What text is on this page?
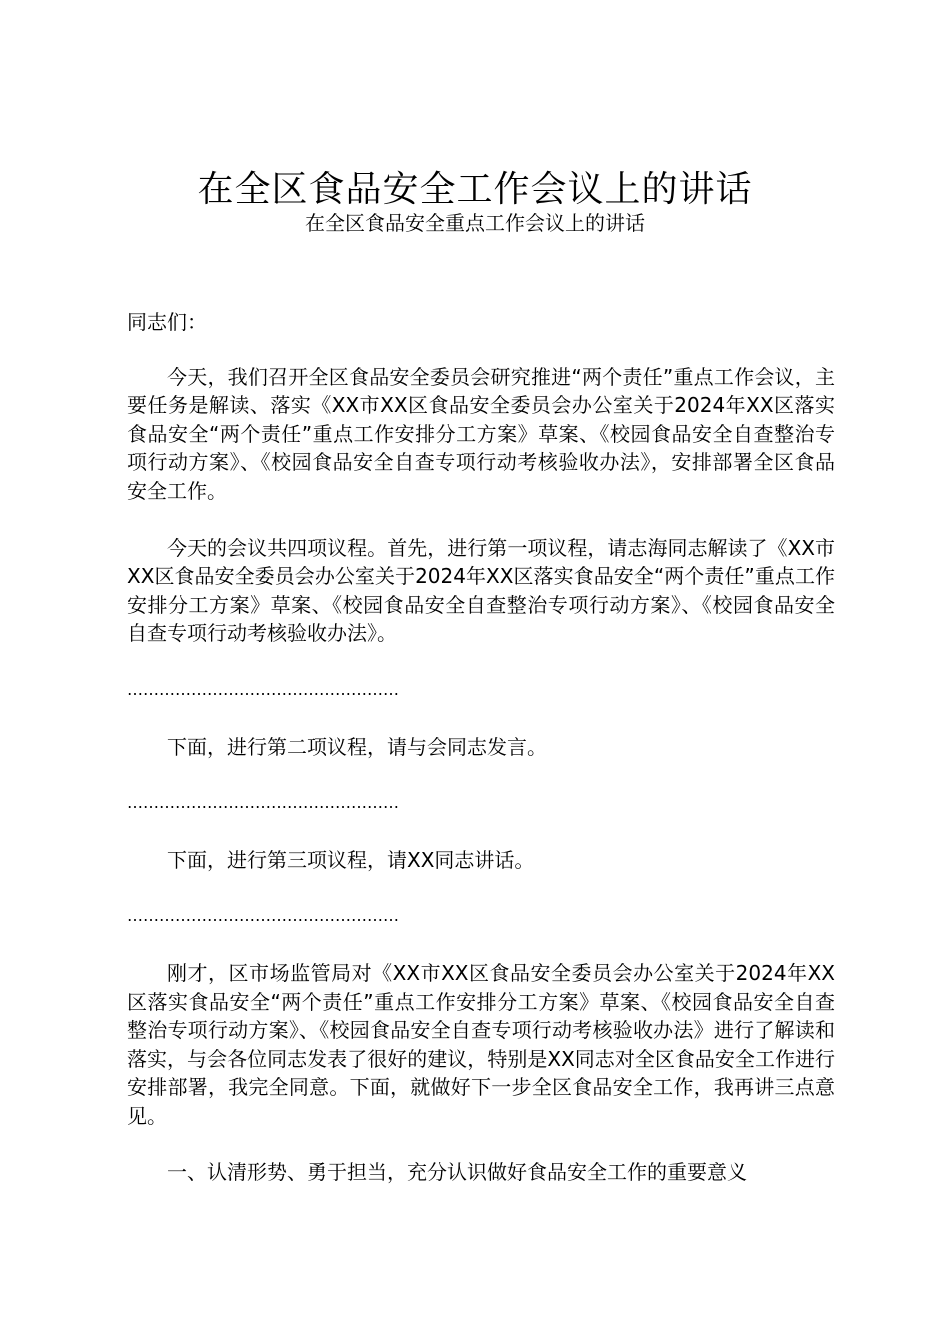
在全区食品安全工作会议上的讲话
在全区食品安全重点工作会议上的讲话

同志们：

今天，我们召开全区食品安全委员会研究推进“两个责任”重点工作会议，主要任务是解读、落实《XX市XX区食品安全委员会办公室关于2024年XX区落实食品安全“两个责任”重点工作安排分工方案》草案、《校园食品安全自查整治专项行动方案》、《校园食品安全自查专项行动考核验收办法》，安排部署全区食品安全工作。

今天的会议共四项议程。首先，进行第一项议程，请志海同志解读了《XX市XX区食品安全委员会办公室关于2024年XX区落实食品安全“两个责任”重点工作安排分工方案》草案、《校园食品安全自查整治专项行动方案》、《校园食品安全自查专项行动考核验收办法》。

……………………………………………

下面，进行第二项议程，请与会同志发言。

……………………………………………

下面，进行第三项议程，请XX同志讲话。

……………………………………………

刚才，区市场监管局对《XX市XX区食品安全委员会办公室关于2024年XX区落实食品安全“两个责任”重点工作安排分工方案》草案、《校园食品安全自查整治专项行动方案》、《校园食品安全自查专项行动考核验收办法》进行了解读和落实，与会各位同志发表了很好的建议，特别是XX同志对全区食品安全工作进行安排部署，我完全同意。下面，就做好下一步全区食品安全工作，我再讲三点意见。

一、认清形势、勇于担当，充分认识做好食品安全工作的重要意义
